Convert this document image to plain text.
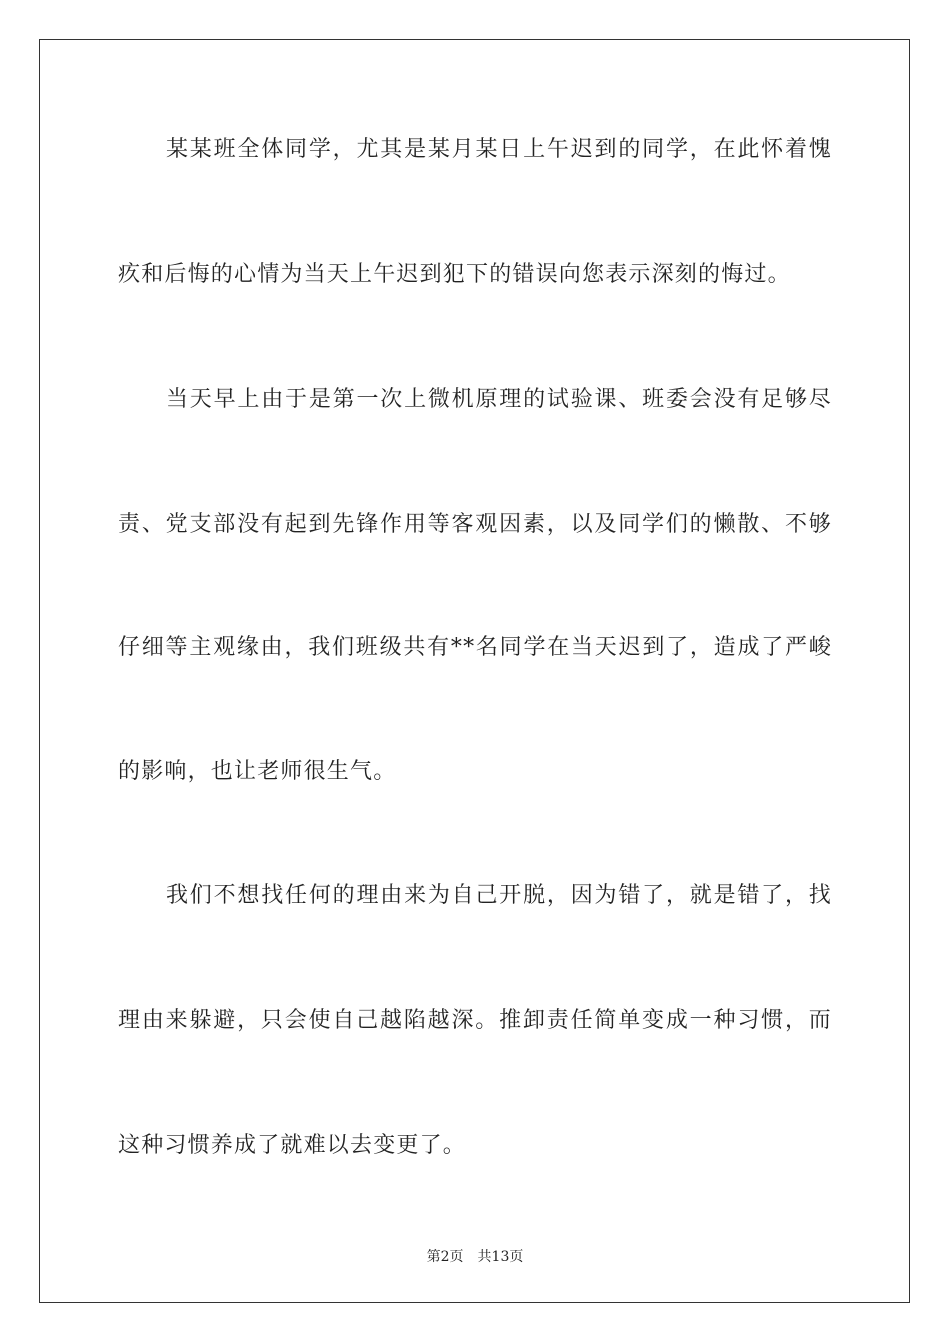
某某班全体同学，尤其是某月某日上午迟到的同学，在此怀着愧
疚和后悔的心情为当天上午迟到犯下的错误向您表示深刻的悔过。
当天早上由于是第一次上微机原理的试验课、班委会没有足够尽
责、党支部没有起到先锋作用等客观因素，以及同学们的懒散、不够
仔细等主观缘由，我们班级共有**名同学在当天迟到了，造成了严峻
的影响，也让老师很生气。
我们不想找任何的理由来为自己开脱，因为错了，就是错了，找
理由来躲避，只会使自己越陷越深。推卸责任简单变成一种习惯，而
这种习惯养成了就难以去变更了。
第2页 共13页
